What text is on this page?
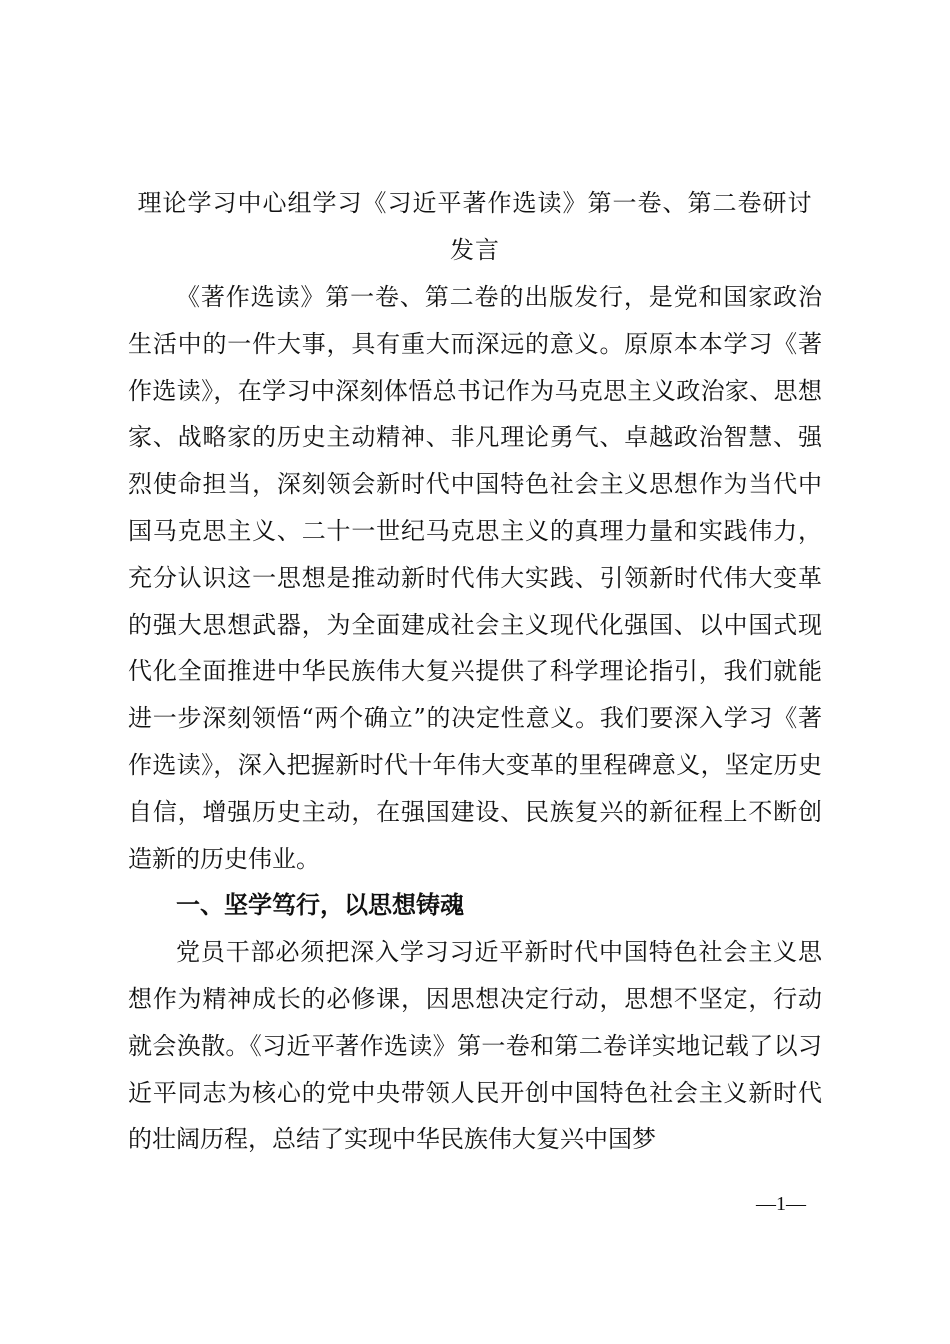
理论学习中心组学习《习近平著作选读》第一卷、第二卷研讨发言

《著作选读》第一卷、第二卷的出版发行，是党和国家政治生活中的一件大事，具有重大而深远的意义。原原本本学习《著作选读》，在学习中深刻体悟总书记作为马克思主义政治家、思想家、战略家的历史主动精神、非凡理论勇气、卓越政治智慧、强烈使命担当，深刻领会新时代中国特色社会主义思想作为当代中国马克思主义、二十一世纪马克思主义的真理力量和实践伟力，充分认识这一思想是推动新时代伟大实践、引领新时代伟大变革的强大思想武器，为全面建成社会主义现代化强国、以中国式现代化全面推进中华民族伟大复兴提供了科学理论指引，我们就能进一步深刻领悟“两个确立”的决定性意义。我们要深入学习《著作选读》，深入把握新时代十年伟大变革的里程碑意义，坚定历史自信，增强历史主动，在强国建设、民族复兴的新征程上不断创造新的历史伟业。

一、坚学笃行，以思想铸魂

党员干部必须把深入学习习近平新时代中国特色社会主义思想作为精神成长的必修课，因思想决定行动，思想不坚定，行动就会涣散。《习近平著作选读》第一卷和第二卷详实地记载了以习近平同志为核心的党中央带领人民开创中国特色社会主义新时代的壮阔历程，总结了实现中华民族伟大复兴中国梦

—1—
